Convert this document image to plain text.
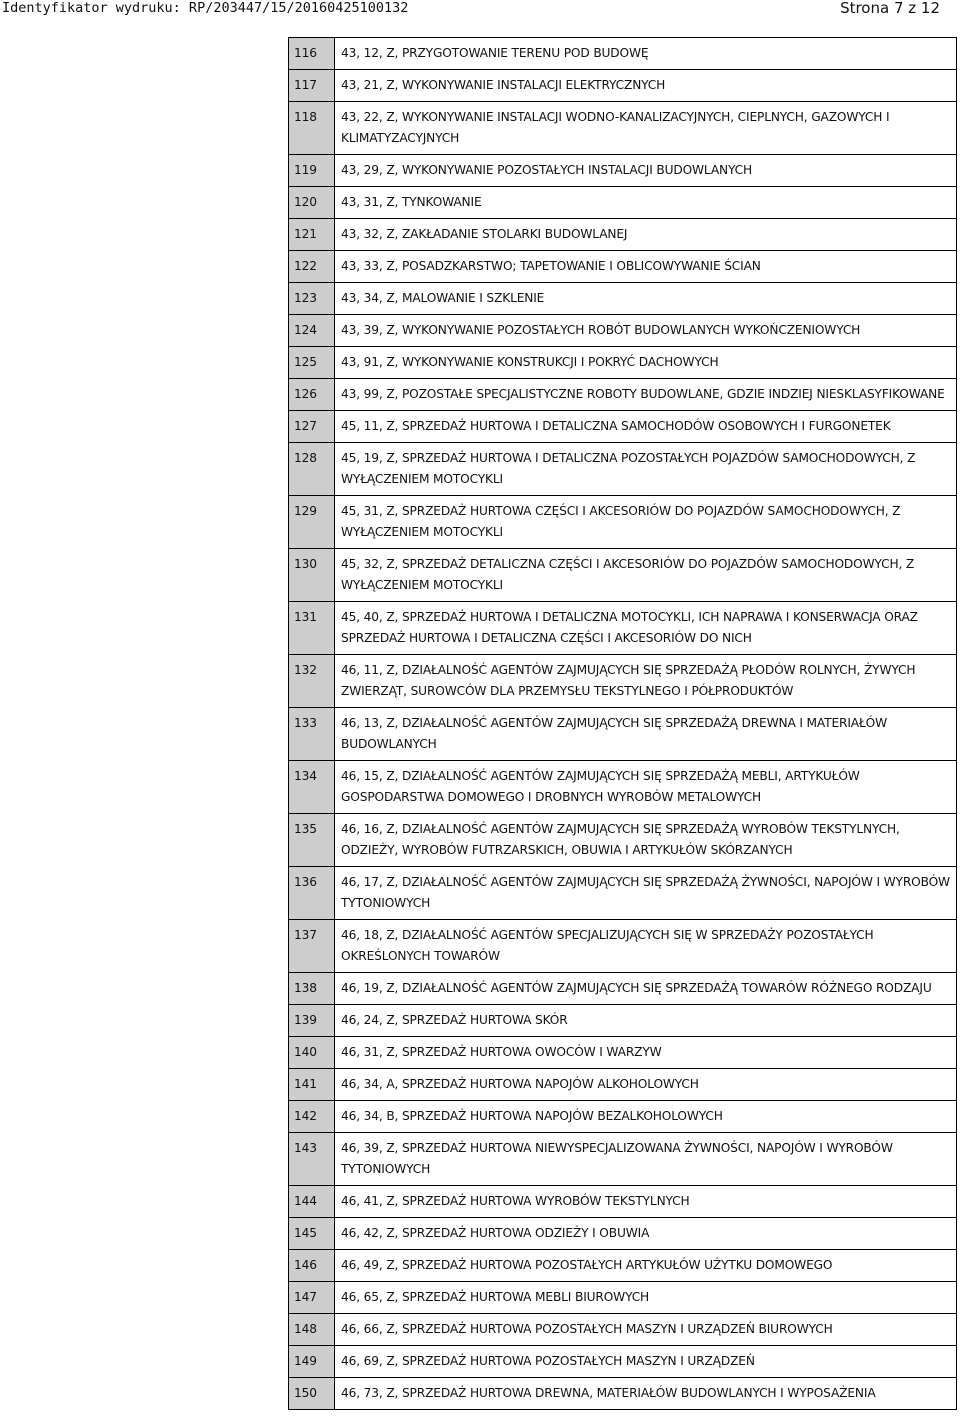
Identyfikator wydruku: RP/203447/15/20160425100132	Strona 7 z 12
116	43, 12, Z, PRZYGOTOWANIE TERENU POD BUDOWĘ
117	43, 21, Z, WYKONYWANIE INSTALACJI ELEKTRYCZNYCH
118	43, 22, Z, WYKONYWANIE INSTALACJI WODNO-KANALIZACYJNYCH, CIEPLNYCH, GAZOWYCH I KLIMATYZACYJNYCH
119	43, 29, Z, WYKONYWANIE POZOSTAŁYCH INSTALACJI BUDOWLANYCH
120	43, 31, Z, TYNKOWANIE
121	43, 32, Z, ZAKŁADANIE STOLARKI BUDOWLANEJ
122	43, 33, Z, POSADZKARSTWO; TAPETOWANIE I OBLICOWYWANIE ŚCIAN
123	43, 34, Z, MALOWANIE I SZKLENIE
124	43, 39, Z, WYKONYWANIE POZOSTAŁYCH ROBÓT BUDOWLANYCH WYKOŃCZENIOWYCH
125	43, 91, Z, WYKONYWANIE KONSTRUKCJI I POKRYĆ DACHOWYCH
126	43, 99, Z, POZOSTAŁE SPECJALISTYCZNE ROBOTY BUDOWLANE, GDZIE INDZIEJ NIESKLASYFIKOWANE
127	45, 11, Z, SPRZEDAŻ HURTOWA I DETALICZNA SAMOCHODÓW OSOBOWYCH I FURGONETEK
128	45, 19, Z, SPRZEDAŻ HURTOWA I DETALICZNA POZOSTAŁYCH POJAZDÓW SAMOCHODOWYCH, Z WYŁĄCZENIEM MOTOCYKLI
129	45, 31, Z, SPRZEDAŻ HURTOWA CZĘŚCI I AKCESORIÓW DO POJAZDÓW SAMOCHODOWYCH, Z WYŁĄCZENIEM MOTOCYKLI
130	45, 32, Z, SPRZEDAŻ DETALICZNA CZĘŚCI I AKCESORIÓW DO POJAZDÓW SAMOCHODOWYCH, Z WYŁĄCZENIEM MOTOCYKLI
131	45, 40, Z, SPRZEDAŻ HURTOWA I DETALICZNA MOTOCYKLI, ICH NAPRAWA I KONSERWACJA ORAZ SPRZEDAŻ HURTOWA I DETALICZNA CZĘŚCI I AKCESORIÓW DO NICH
132	46, 11, Z, DZIAŁALNOŚĆ AGENTÓW ZAJMUJĄCYCH SIĘ SPRZEDAŻĄ PŁODÓW ROLNYCH, ŻYWYCH ZWIERZĄT, SUROWCÓW DLA PRZEMYSŁU TEKSTYLNEGO I PÓŁPRODUKTÓW
133	46, 13, Z, DZIAŁALNOŚĆ AGENTÓW ZAJMUJĄCYCH SIĘ SPRZEDAŻĄ DREWNA I MATERIAŁÓW BUDOWLANYCH
134	46, 15, Z, DZIAŁALNOŚĆ AGENTÓW ZAJMUJĄCYCH SIĘ SPRZEDAŻĄ MEBLI, ARTYKUŁÓW GOSPODARSTWA DOMOWEGO I DROBNYCH WYROBÓW METALOWYCH
135	46, 16, Z, DZIAŁALNOŚĆ AGENTÓW ZAJMUJĄCYCH SIĘ SPRZEDAŻĄ WYROBÓW TEKSTYLNYCH, ODZIEŻY, WYROBÓW FUTRZARSKICH, OBUWIA I ARTYKUŁÓW SKÓRZANYCH
136	46, 17, Z, DZIAŁALNOŚĆ AGENTÓW ZAJMUJĄCYCH SIĘ SPRZEDAŻĄ ŻYWNOŚCI, NAPOJÓW I WYROBÓW TYTONIOWYCH
137	46, 18, Z, DZIAŁALNOŚĆ AGENTÓW SPECJALIZUJĄCYCH SIĘ W SPRZEDAŻY POZOSTAŁYCH OKREŚLONYCH TOWARÓW
138	46, 19, Z, DZIAŁALNOŚĆ AGENTÓW ZAJMUJĄCYCH SIĘ SPRZEDAŻĄ TOWARÓW RÓŻNEGO RODZAJU
139	46, 24, Z, SPRZEDAŻ HURTOWA SKÓR
140	46, 31, Z, SPRZEDAŻ HURTOWA OWOCÓW I WARZYW
141	46, 34, A, SPRZEDAŻ HURTOWA NAPOJÓW ALKOHOLOWYCH
142	46, 34, B, SPRZEDAŻ HURTOWA NAPOJÓW BEZALKOHOLOWYCH
143	46, 39, Z, SPRZEDAŻ HURTOWA NIEWYSPECJALIZOWANA ŻYWNOŚCI, NAPOJÓW I WYROBÓW TYTONIOWYCH
144	46, 41, Z, SPRZEDAŻ HURTOWA WYROBÓW TEKSTYLNYCH
145	46, 42, Z, SPRZEDAŻ HURTOWA ODZIEŻY I OBUWIA
146	46, 49, Z, SPRZEDAŻ HURTOWA POZOSTAŁYCH ARTYKUŁÓW UŻYTKU DOMOWEGO
147	46, 65, Z, SPRZEDAŻ HURTOWA MEBLI BIUROWYCH
148	46, 66, Z, SPRZEDAŻ HURTOWA POZOSTAŁYCH MASZYN I URZĄDZEŃ BIUROWYCH
149	46, 69, Z, SPRZEDAŻ HURTOWA POZOSTAŁYCH MASZYN I URZĄDZEŃ
150	46, 73, Z, SPRZEDAŻ HURTOWA DREWNA, MATERIAŁÓW BUDOWLANYCH I WYPOSAŻENIA
